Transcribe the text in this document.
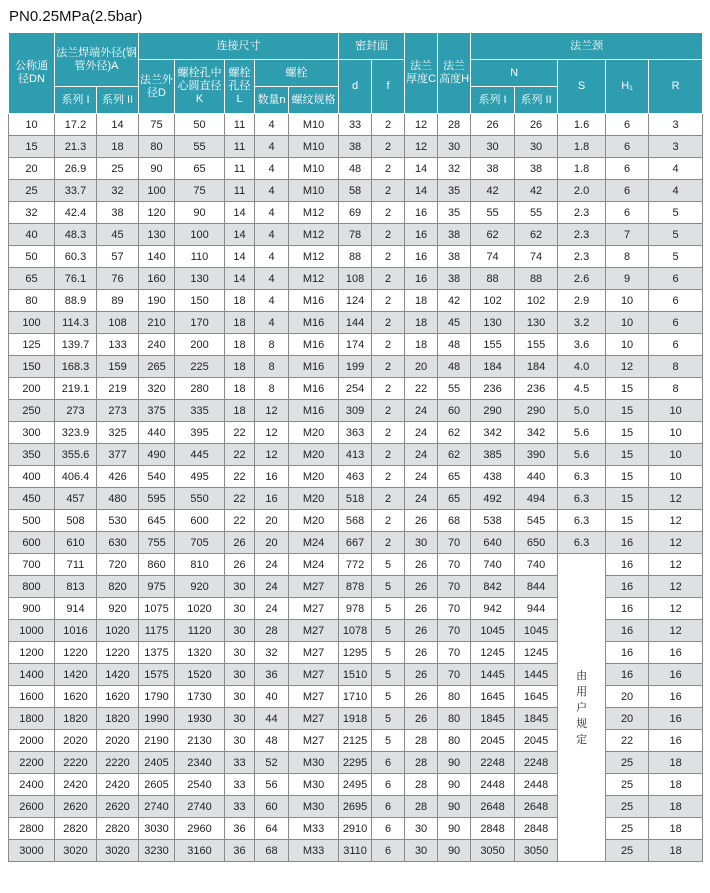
PN0.25MPa(2.5bar)
公称通径DN	法兰焊端外径(钢管外径)A		连接尺寸					密封面		法兰厚度C	法兰高度H	法兰颈				
			法兰外径D	螺栓孔中心圆直径K	螺栓孔径L	螺栓		d	f			N		S	H₁	R
	系列 I	系列 II				数量n	螺纹规格					系列 I	系列 II			
10	17.2	14	75	50	11	4	M10	33	2	12	28	26	26	1.6	6	3
15	21.3	18	80	55	11	4	M10	38	2	12	30	30	30	1.8	6	3
20	26.9	25	90	65	11	4	M10	48	2	14	32	38	38	1.8	6	4
25	33.7	32	100	75	11	4	M10	58	2	14	35	42	42	2.0	6	4
32	42.4	38	120	90	14	4	M12	69	2	16	35	55	55	2.3	6	5
40	48.3	45	130	100	14	4	M12	78	2	16	38	62	62	2.3	7	5
50	60.3	57	140	110	14	4	M12	88	2	16	38	74	74	2.3	8	5
65	76.1	76	160	130	14	4	M12	108	2	16	38	88	88	2.6	9	6
80	88.9	89	190	150	18	4	M16	124	2	18	42	102	102	2.9	10	6
100	114.3	108	210	170	18	4	M16	144	2	18	45	130	130	3.2	10	6
125	139.7	133	240	200	18	8	M16	174	2	18	48	155	155	3.6	10	6
150	168.3	159	265	225	18	8	M16	199	2	20	48	184	184	4.0	12	8
200	219.1	219	320	280	18	8	M16	254	2	22	55	236	236	4.5	15	8
250	273	273	375	335	18	12	M16	309	2	24	60	290	290	5.0	15	10
300	323.9	325	440	395	22	12	M20	363	2	24	62	342	342	5.6	15	10
350	355.6	377	490	445	22	12	M20	413	2	24	62	385	390	5.6	15	10
400	406.4	426	540	495	22	16	M20	463	2	24	65	438	440	6.3	15	10
450	457	480	595	550	22	16	M20	518	2	24	65	492	494	6.3	15	12
500	508	530	645	600	22	20	M20	568	2	26	68	538	545	6.3	15	12
600	610	630	755	705	26	20	M24	667	2	30	70	640	650	6.3	16	12
700	711	720	860	810	26	24	M24	772	5	26	70	740	740	由用户规定	16	12
800	813	820	975	920	30	24	M27	878	5	26	70	842	844		16	12
900	914	920	1075	1020	30	24	M27	978	5	26	70	942	944		16	12
1000	1016	1020	1175	1120	30	28	M27	1078	5	26	70	1045	1045		16	12
1200	1220	1220	1375	1320	30	32	M27	1295	5	26	70	1245	1245		16	16
1400	1420	1420	1575	1520	30	36	M27	1510	5	26	70	1445	1445		16	16
1600	1620	1620	1790	1730	30	40	M27	1710	5	26	80	1645	1645		20	16
1800	1820	1820	1990	1930	30	44	M27	1918	5	26	80	1845	1845		20	16
2000	2020	2020	2190	2130	30	48	M27	2125	5	28	80	2045	2045		22	16
2200	2220	2220	2405	2340	33	52	M30	2295	6	28	90	2248	2248		25	18
2400	2420	2420	2605	2540	33	56	M30	2495	6	28	90	2448	2448		25	18
2600	2620	2620	2740	2740	33	60	M30	2695	6	28	90	2648	2648		25	18
2800	2820	2820	3030	2960	36	64	M33	2910	6	30	90	2848	2848		25	18
3000	3020	3020	3230	3160	36	68	M33	3110	6	30	90	3050	3050		25	18
